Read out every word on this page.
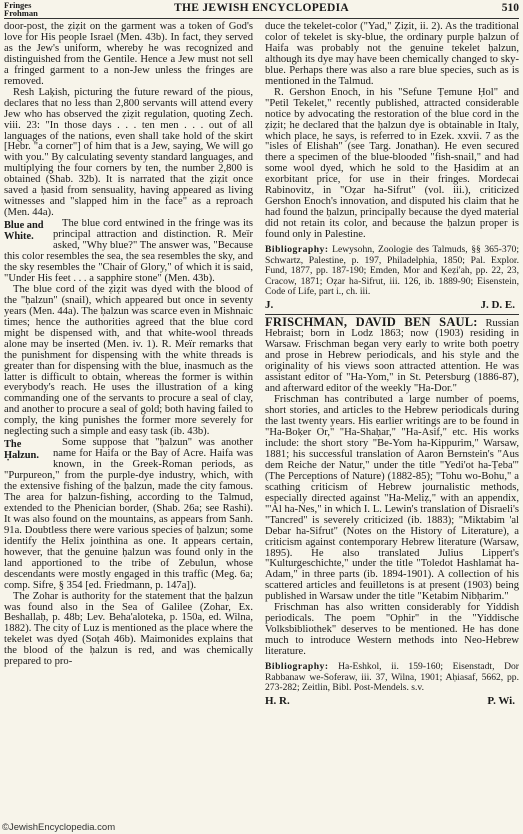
Fringes
Frohman	THE JEWISH ENCYCLOPEDIA	510

door-post, the ẓiẓit on the garment was a token of God's love for His people Israel (Men. 43b). In fact, they served as the Jew's uniform, whereby he was recognized and distinguished from the Gentile. Hence a Jew must not sell a fringed garment to a non-Jew unless the fringes are removed.

Resh Laḳish, picturing the future reward of the pious, declares that no less than 2,800 servants will attend every Jew who has observed the ẓiẓit regulation, quoting Zech. viii. 23: "In those days . . . ten men . . . out of all languages of the nations, even shall take hold of the skirt [Hebr. "a corner"] of him that is a Jew, saying, We will go with you." By calculating seventy standard languages, and multiplying the four corners by ten, the number 2,800 is obtained (Shab. 32b). It is narrated that the ẓiẓit once saved a ḥasid from sensuality, having appeared as living witnesses and "slapped him in the face" as a reproach (Men. 44a).

Blue and White.
The blue cord entwined in the fringe was its principal attraction and distinction. R. Meïr asked, "Why blue?" The answer was, "Because this color resembles the sea, the sea resembles the sky, and the sky resembles the "Chair of Glory," of which it is said, "Under His feet . . . a sapphire stone" (Men. 43b).

The blue cord of the ẓiẓit was dyed with the blood of the "ḥalzun" (snail), which appeared but once in seventy years (Men. 44a). The ḥalzun was scarce even in Mishnaic times; hence the authorities agreed that the blue cord might be dispensed with, and that white-wool threads alone may be inserted (Men. iv. 1). R. Meïr remarks that the punishment for dispensing with the white threads is greater than for dispensing with the blue, inasmuch as the latter is difficult to obtain, whereas the former is within everybody's reach. He uses the illustration of a king commanding one of the servants to procure a seal of clay, and another to procure a seal of gold; both having failed to comply, the king punishes the former more severely for neglecting such a simple and easy task (ib. 43b).

The Ḥalzun.
Some suppose that "ḥalzun" was another name for Haifa or the Bay of Acre. Haifa was known, in the Greek-Roman periods, as "Purpureon," from the purple-dye industry, which, with the extensive fishing of the ḥalzun, made the city famous. The area for ḥalzun-fishing, according to the Talmud, extended to the Phenician border, (Shab. 26a; see Rashi). It was also found on the mountains, as appears from Sanh. 91a. Doubtless there were various species of ḥalzun; some identify the Helix jointhina as one. It appears certain, however, that the genuine ḥalzun was found only in the land apportioned to the tribe of Zebulun, whose descendants were mostly engaged in this traffic (Meg. 6a; comp. Sifre, § 354 [ed. Friedmann, p. 147a]).

The Zohar is authority for the statement that the ḥalzun was found also in the Sea of Galilee (Zohar, Ex. Beshallaḥ, p. 48b; Lev. Beha'aloteka, p. 150a, ed. Wilna, 1882). The city of Luz is mentioned as the place where the tekelet was dyed (Soṭah 46b). Maimonides explains that the blood of the ḥalzun is red, and was chemically prepared to pro-

duce the tekelet-color ("Yad," Ẓiẓit, ii. 2). As the traditional color of tekelet is sky-blue, the ordinary purple ḥalzun of Haifa was probably not the genuine tekelet ḥalzun, although its dye may have been chemically changed to sky-blue. Perhaps there was also a rare blue species, such as is mentioned in the Talmud.

R. Gershon Enoch, in his "Sefune Ṭemune Ḥol" and "Petil Tekelet," recently published, attracted considerable notice by advocating the restoration of the blue cord in the ẓiẓit; he declared that the ḥalzun dye is obtainable in Italy, which place, he says, is referred to in Ezek. xxvii. 7 as the "isles of Elishah" (see Targ. Jonathan). He even secured there a specimen of the blue-blooded "fish-snail," and had some wool dyed, which he sold to the Ḥasidim at an exorbitant price, for use in their fringes. Mordecai Rabinovitz, in "Oẓar ha-Sifrut" (vol. iii.), criticized Gershon Enoch's innovation, and disputed his claim that he had found the ḥalzun, principally because the dyed material did not retain its color, and because the ḥalzun proper is found only in Palestine.

Bibliography: Lewysohn, Zoologie des Talmuds, §§ 365-370; Schwartz, Palestine, p. 197, Philadelphia, 1850; Pal. Explor. Fund, 1877, pp. 187-190; Emden, Mor and Ḳeẓi'ah, pp. 22, 23, Cracow, 1871; Oẓar ha-Sifrut, iii. 126, ib. 1889-90; Eisenstein, Code of Life, part i., ch. iii.

J.	J. D. E.

FRISCHMAN, DAVID BEN SAUL: Russian Hebraist; born in Lodz 1863; now (1903) residing in Warsaw. Frischman began very early to write both poetry and prose in Hebrew periodicals, and his style and the originality of his views soon attracted attention. He was assistant editor of "Ha-Yom," in St. Petersburg (1886-87), and afterward editor of the weekly "Ha-Dor."

Frischman has contributed a large number of poems, short stories, and articles to the Hebrew periodicals during the last twenty years. His earlier writings are to be found in "Ha-Boḳer Or," "Ha-Shaḥar," "Ha-Asif," etc. His works include: the short story "Be-Yom ha-Kippurim," Warsaw, 1881; his successful translation of Aaron Bernstein's "Aus dem Reiche der Natur," under the title "Yedi'ot ha-Ṭeba'" (The Perceptions of Nature) (1882-85); "Tohu wo-Bohu," a scathing criticism of Hebrew journalistic methods, especially directed against "Ha-Meliẓ," with an appendix, "'Al ha-Nes," in which I. L. Lewin's translation of Disraeli's "Tancred" is severely criticized (ib. 1883); "Miktabim 'al Debar ha-Sifrut" (Notes on the History of Literature), a criticism against contemporary Hebrew literature (Warsaw, 1895). He also translated Julius Lippert's "Kulturgeschichte," under the title "Toledot Hashlamat ha-Adam," in three parts (ib. 1894-1901). A collection of his scattered articles and feuilletons is at present (1903) being published in Warsaw under the title "Ketabim Nibḥarim."

Frischman has also written considerably for Yiddish periodicals. The poem "Ophir" in the "Yiddische Volksbibliothek" deserves to be mentioned. He has done much to introduce Western methods into Neo-Hebrew literature.

Bibliography: Ha-Eshkol, ii. 159-160; Eisenstadt, Dor Rabbanaw we-Soferaw, iii. 37, Wilna, 1901; Aḥiasaf, 5662, pp. 273-282; Zeitlin, Bibl. Post-Mendels. s.v.

H. R.	P. Wi.
©JewishEncyclopedia.com
